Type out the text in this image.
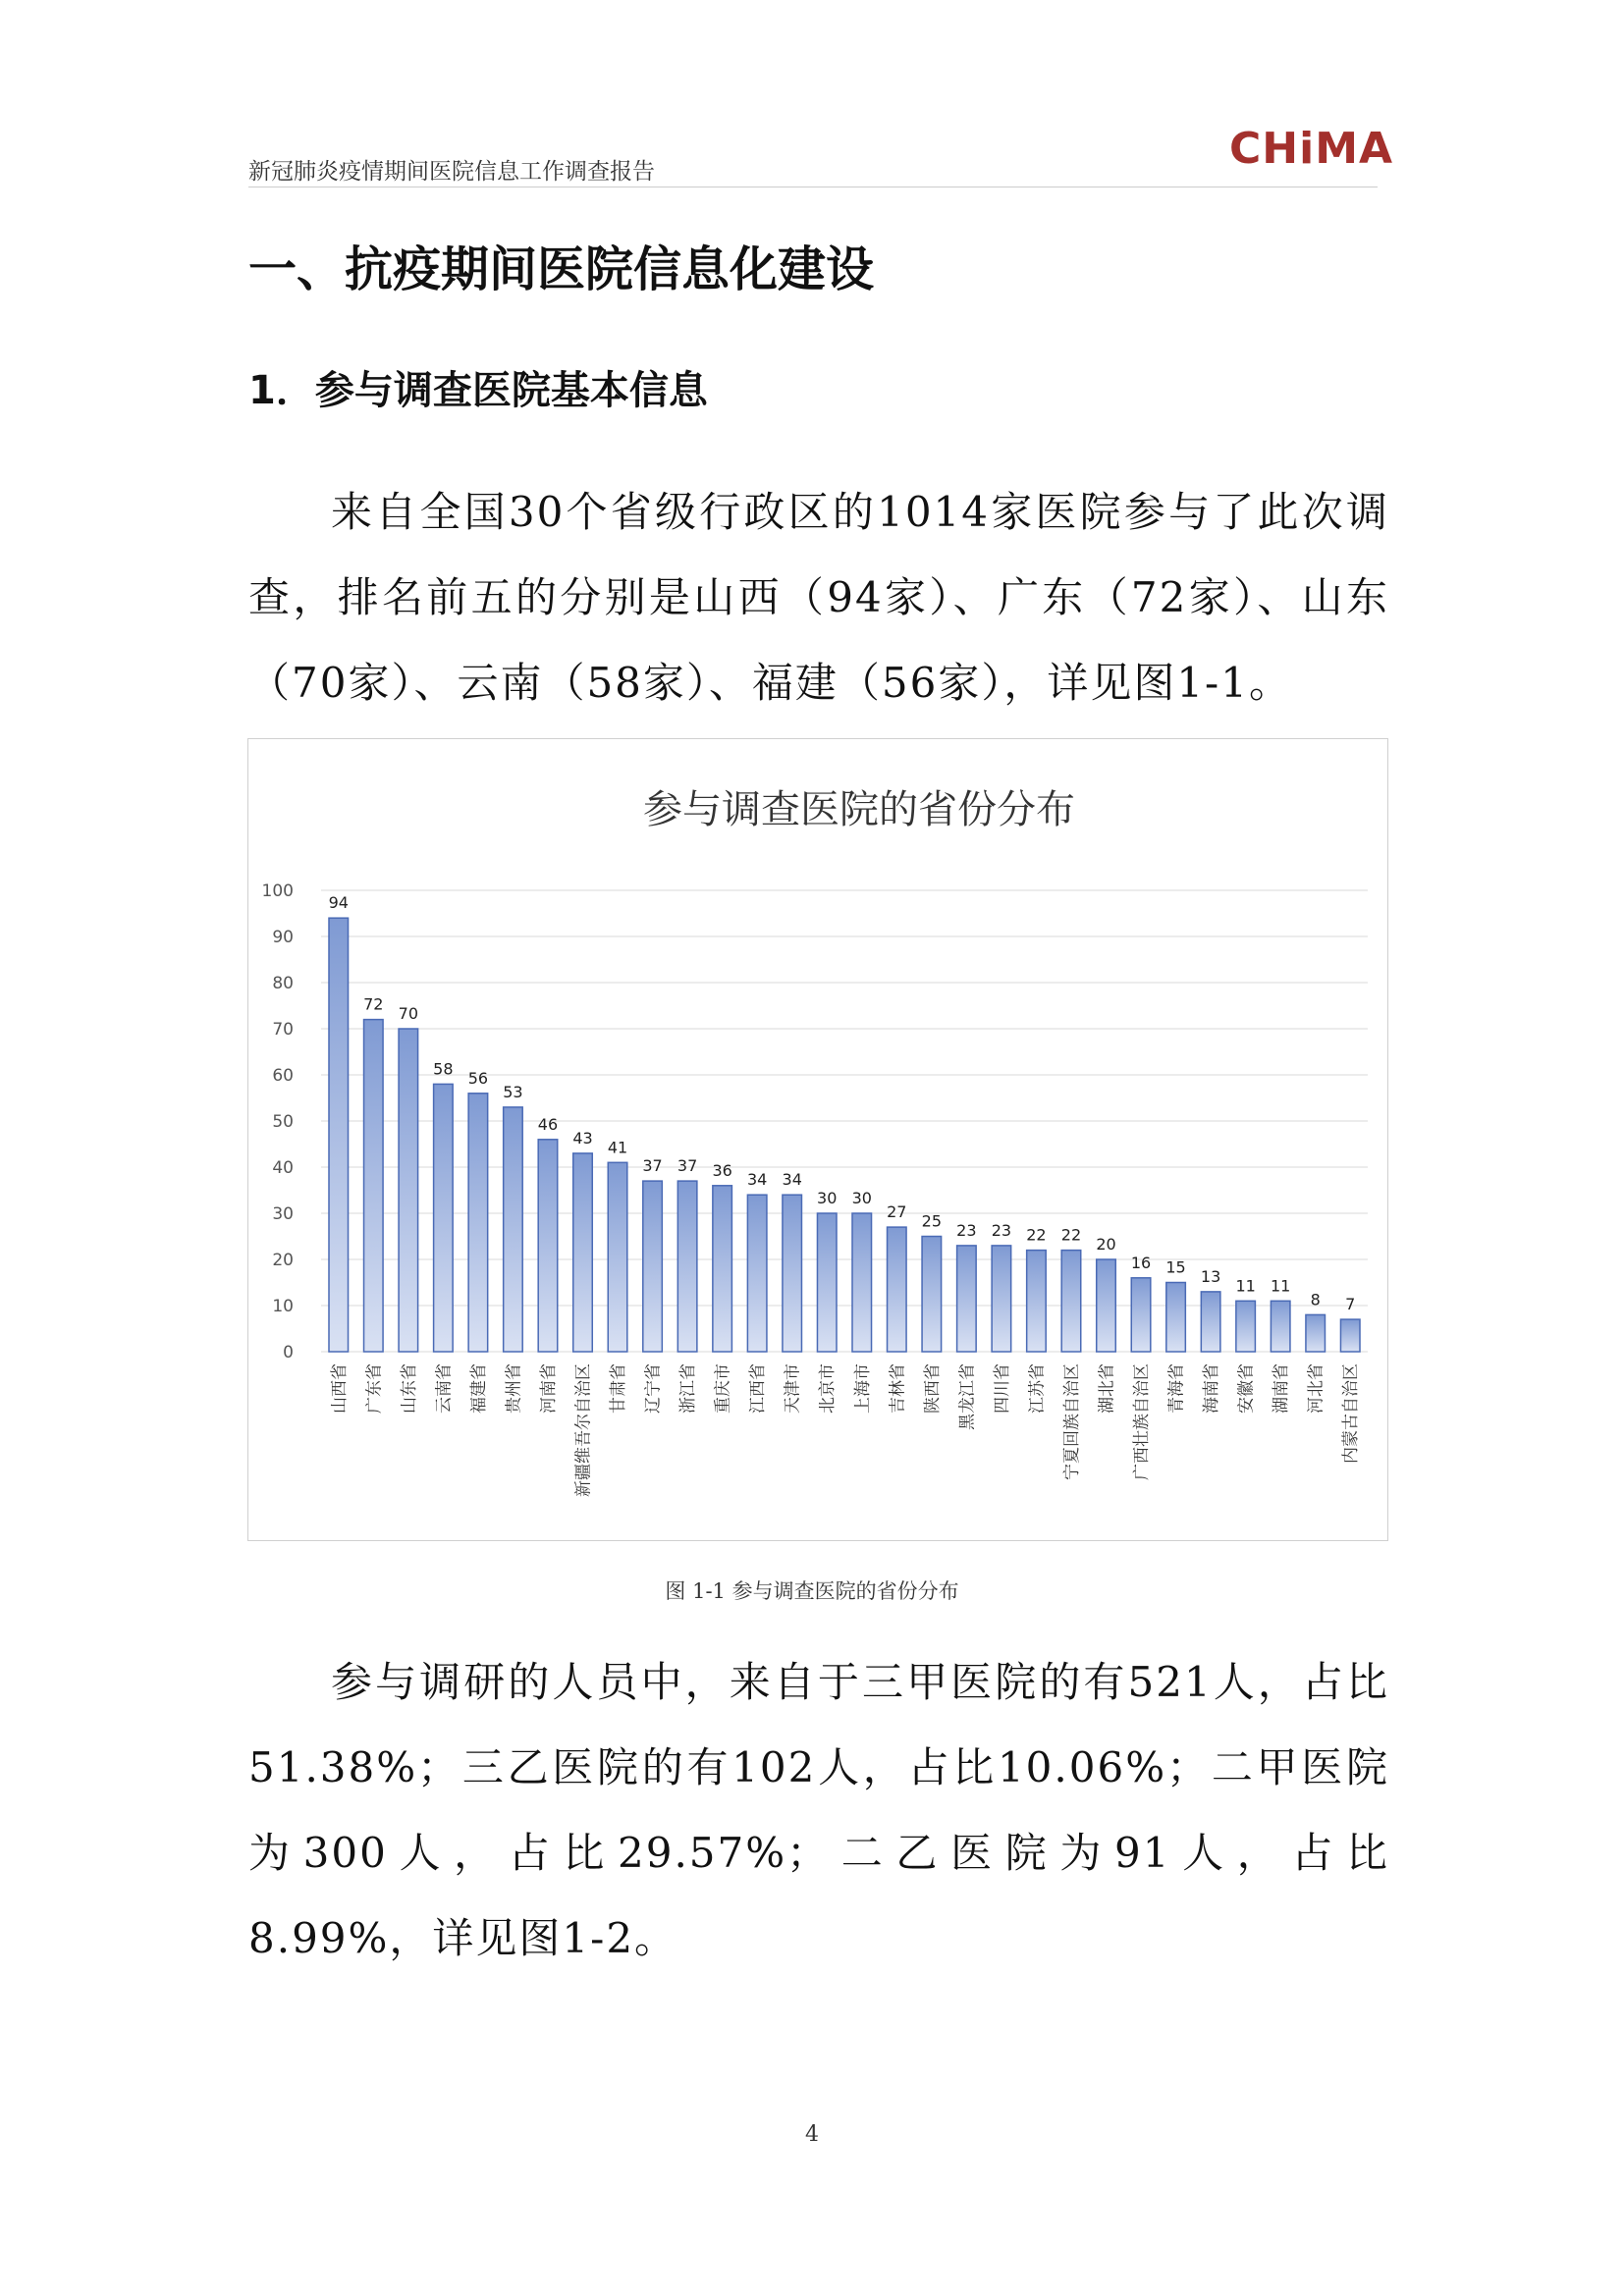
新冠肺炎疫情期间医院信息工作调查报告	CHiMA
一、抗疫期间医院信息化建设
1．参与调查医院基本信息

来自全国30个省级行政区的1014家医院参与了此次调查，排名前五的分别是山西（94家）、广东（72家）、山东（70家）、云南（58家）、福建（56家），详见图1-1。

参与调查医院的省份分布
0
10
20
30
40
50
60
70
80
90
100
94
山西省
72
广东省
70
山东省
58
云南省
56
福建省
53
贵州省
46
河南省
43
新疆维吾尔自治区
41
甘肃省
37
辽宁省
37
浙江省
36
重庆市
34
江西省
34
天津市
30
北京市
30
上海市
27
吉林省
25
陕西省
23
黑龙江省
23
四川省
22
江苏省
22
宁夏回族自治区
20
湖北省
16
广西壮族自治区
15
青海省
13
海南省
11
安徽省
11
湖南省
8
河北省
7
内蒙古自治区
图 1-1 参与调查医院的省份分布

参与调研的人员中，来自于三甲医院的有521人，占比51.38%；三乙医院的有102人，占比10.06%；二甲医院为300人，占比29.57%；二乙医院为91人，占比8.99%，详见图1-2。

4
